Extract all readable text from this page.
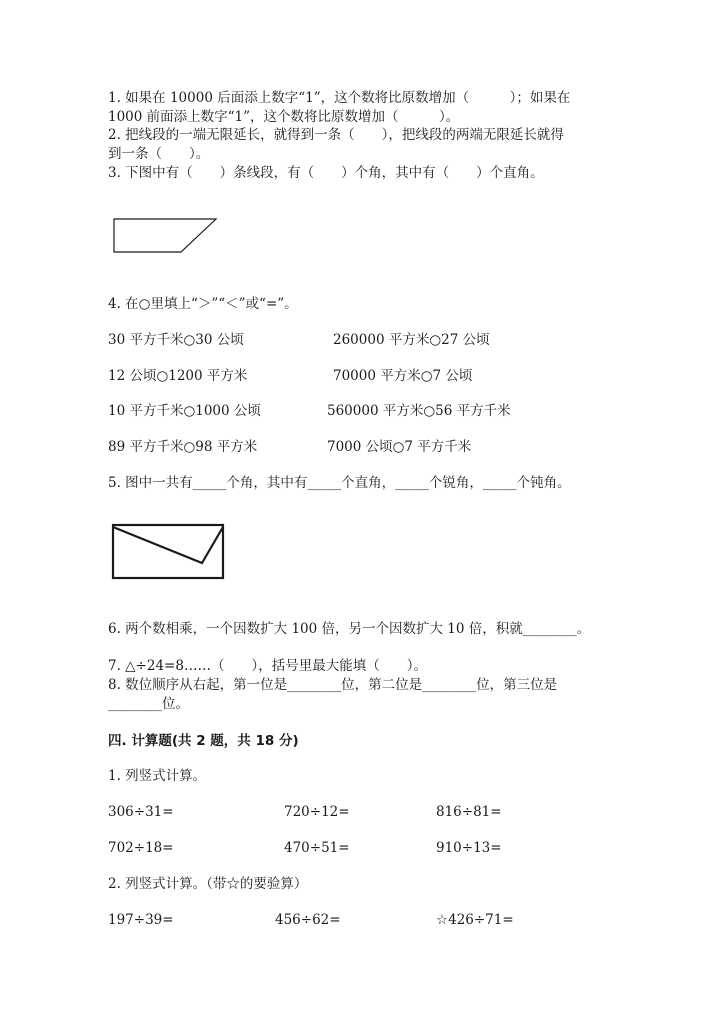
1. 如果在 10000 后面添上数字“1”，这个数将比原数增加（　　　）；如果在
1000 前面添上数字“1”，这个数将比原数增加（　　　）。
2. 把线段的一端无限延长，就得到一条（　　），把线段的两端无限延长就得
到一条（　　）。
3. 下图中有（　　）条线段，有（　　）个角，其中有（　　）个直角。
4. 在○里填上“＞”“＜”或“=”。
30 平方千米○30 公顷	260000 平方米○27 公顷
12 公顷○1200 平方米	70000 平方米○7 公顷
10 平方千米○1000 公顷	560000 平方米○56 平方千米
89 平方千米○98 平方米	7000 公顷○7 平方千米
5. 图中一共有_____个角，其中有_____个直角，_____个锐角，_____个钝角。
6. 两个数相乘，一个因数扩大 100 倍，另一个因数扩大 10 倍，积就________。
7. △÷24=8……（　　），括号里最大能填（　　）。
8. 数位顺序从右起，第一位是________位，第二位是________位，第三位是
________位。
四. 计算题(共 2 题，共 18 分)
1. 列竖式计算。
306÷31=	720÷12=	816÷81=
702÷18=	470÷51=	910÷13=
2. 列竖式计算。（带☆的要验算）
197÷39=	456÷62=	☆426÷71=
